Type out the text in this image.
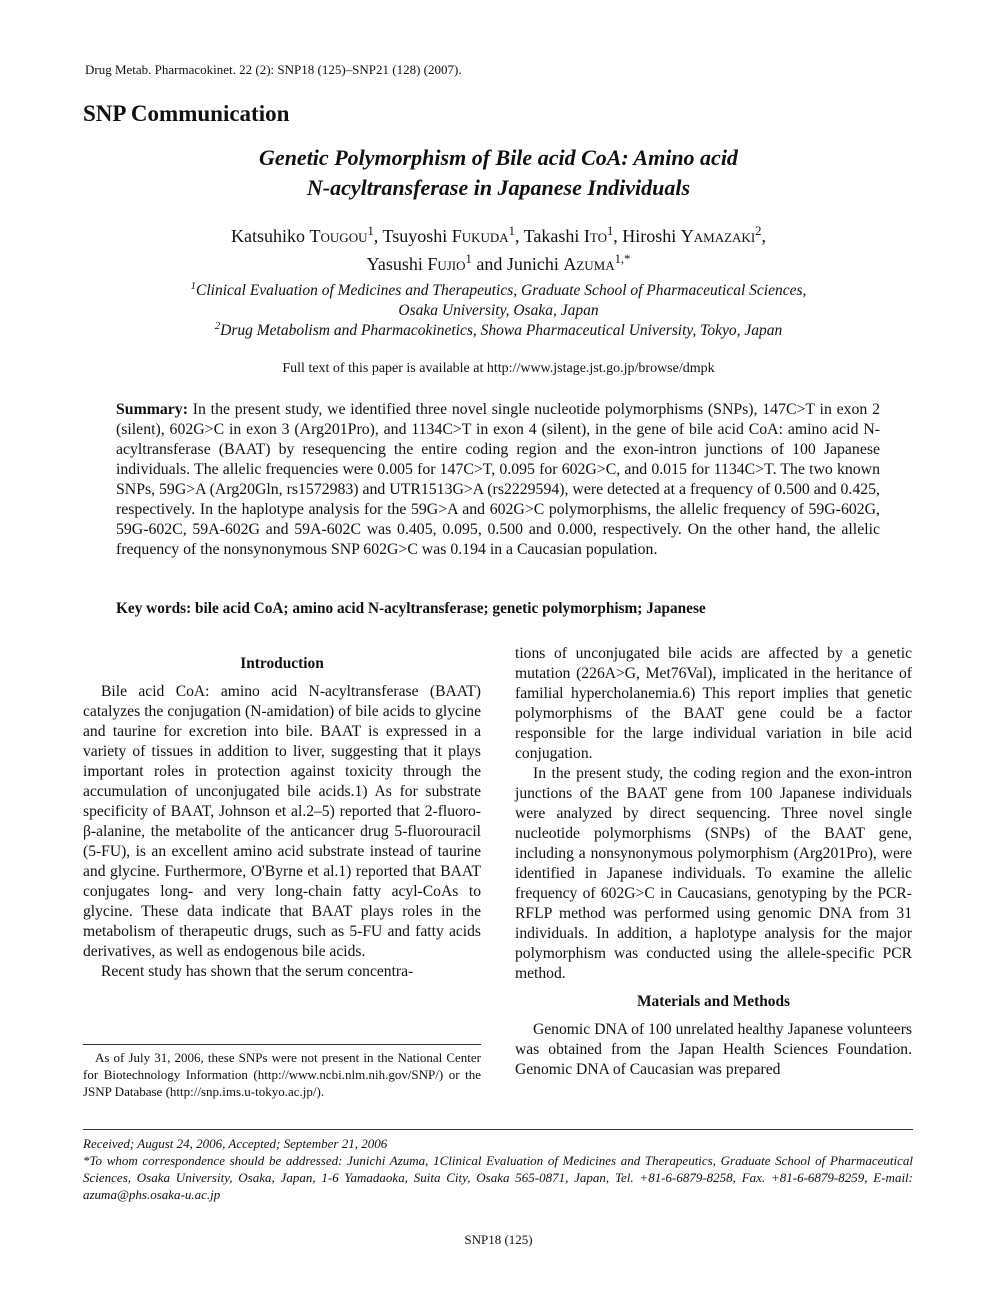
Drug Metab. Pharmacokinet. 22 (2): SNP18 (125)–SNP21 (128) (2007).
SNP Communication
Genetic Polymorphism of Bile acid CoA: Amino acid
N-acyltransferase in Japanese Individuals
Katsuhiko Tougou$^1$, Tsuyoshi Fukuda$^1$, Takashi Ito$^1$, Hiroshi Yamazaki$^2$,
Yasushi Fujio$^1$ and Junichi Azuma$^{1,*}$
$^1$Clinical Evaluation of Medicines and Therapeutics, Graduate School of Pharmaceutical Sciences,
Osaka University, Osaka, Japan
$^2$Drug Metabolism and Pharmacokinetics, Showa Pharmaceutical University, Tokyo, Japan
Full text of this paper is available at http://www.jstage.jst.go.jp/browse/dmpk
Summary: In the present study, we identified three novel single nucleotide polymorphisms (SNPs), 147C>T in exon 2 (silent), 602G>C in exon 3 (Arg201Pro), and 1134C>T in exon 4 (silent), in the gene of bile acid CoA: amino acid N-acyltransferase (BAAT) by resequencing the entire coding region and the exon-intron junctions of 100 Japanese individuals. The allelic frequencies were 0.005 for 147C>T, 0.095 for 602G>C, and 0.015 for 1134C>T. The two known SNPs, 59G>A (Arg20Gln, rs1572983) and UTR1513G>A (rs2229594), were detected at a frequency of 0.500 and 0.425, respectively. In the haplotype analysis for the 59G>A and 602G>C polymorphisms, the allelic frequency of 59G-602G, 59G-602C, 59A-602G and 59A-602C was 0.405, 0.095, 0.500 and 0.000, respectively. On the other hand, the allelic frequency of the nonsynonymous SNP 602G>C was 0.194 in a Caucasian population.
Key words: bile acid CoA; amino acid N-acyltransferase; genetic polymorphism; Japanese
Introduction

Bile acid CoA: amino acid N-acyltransferase (BAAT) catalyzes the conjugation (N-amidation) of bile acids to glycine and taurine for excretion into bile. BAAT is expressed in a variety of tissues in addition to liver, suggesting that it plays important roles in protection against toxicity through the accumulation of unconjugated bile acids.1) As for substrate specificity of BAAT, Johnson et al.2–5) reported that 2-fluoro-β-alanine, the metabolite of the anticancer drug 5-fluorouracil (5-FU), is an excellent amino acid substrate instead of taurine and glycine. Furthermore, O'Byrne et al.1) reported that BAAT conjugates long- and very long-chain fatty acyl-CoAs to glycine. These data indicate that BAAT plays roles in the metabolism of therapeutic drugs, such as 5-FU and fatty acids derivatives, as well as endogenous bile acids.

Recent study has shown that the serum concentra-

As of July 31, 2006, these SNPs were not present in the National Center for Biotechnology Information (http://www.ncbi.nlm.nih.gov/SNP/) or the JSNP Database (http://snp.ims.u-tokyo.ac.jp/).

tions of unconjugated bile acids are affected by a genetic mutation (226A>G, Met76Val), implicated in the heritance of familial hypercholanemia.6) This report implies that genetic polymorphisms of the BAAT gene could be a factor responsible for the large individual variation in bile acid conjugation.

In the present study, the coding region and the exon-intron junctions of the BAAT gene from 100 Japanese individuals were analyzed by direct sequencing. Three novel single nucleotide polymorphisms (SNPs) of the BAAT gene, including a nonsynonymous polymorphism (Arg201Pro), were identified in Japanese individuals. To examine the allelic frequency of 602G>C in Caucasians, genotyping by the PCR-RFLP method was performed using genomic DNA from 31 individuals. In addition, a haplotype analysis for the major polymorphism was conducted using the allele-specific PCR method.

Materials and Methods

Genomic DNA of 100 unrelated healthy Japanese volunteers was obtained from the Japan Health Sciences Foundation. Genomic DNA of Caucasian was prepared

Received; August 24, 2006, Accepted; September 21, 2006
*To whom correspondence should be addressed: Junichi Azuma, 1Clinical Evaluation of Medicines and Therapeutics, Graduate School of Pharmaceutical Sciences, Osaka University, Osaka, Japan, 1-6 Yamadaoka, Suita City, Osaka 565-0871, Japan, Tel. +81-6-6879-8258, Fax. +81-6-6879-8259, E-mail: azuma@phs.osaka-u.ac.jp
SNP18 (125)
